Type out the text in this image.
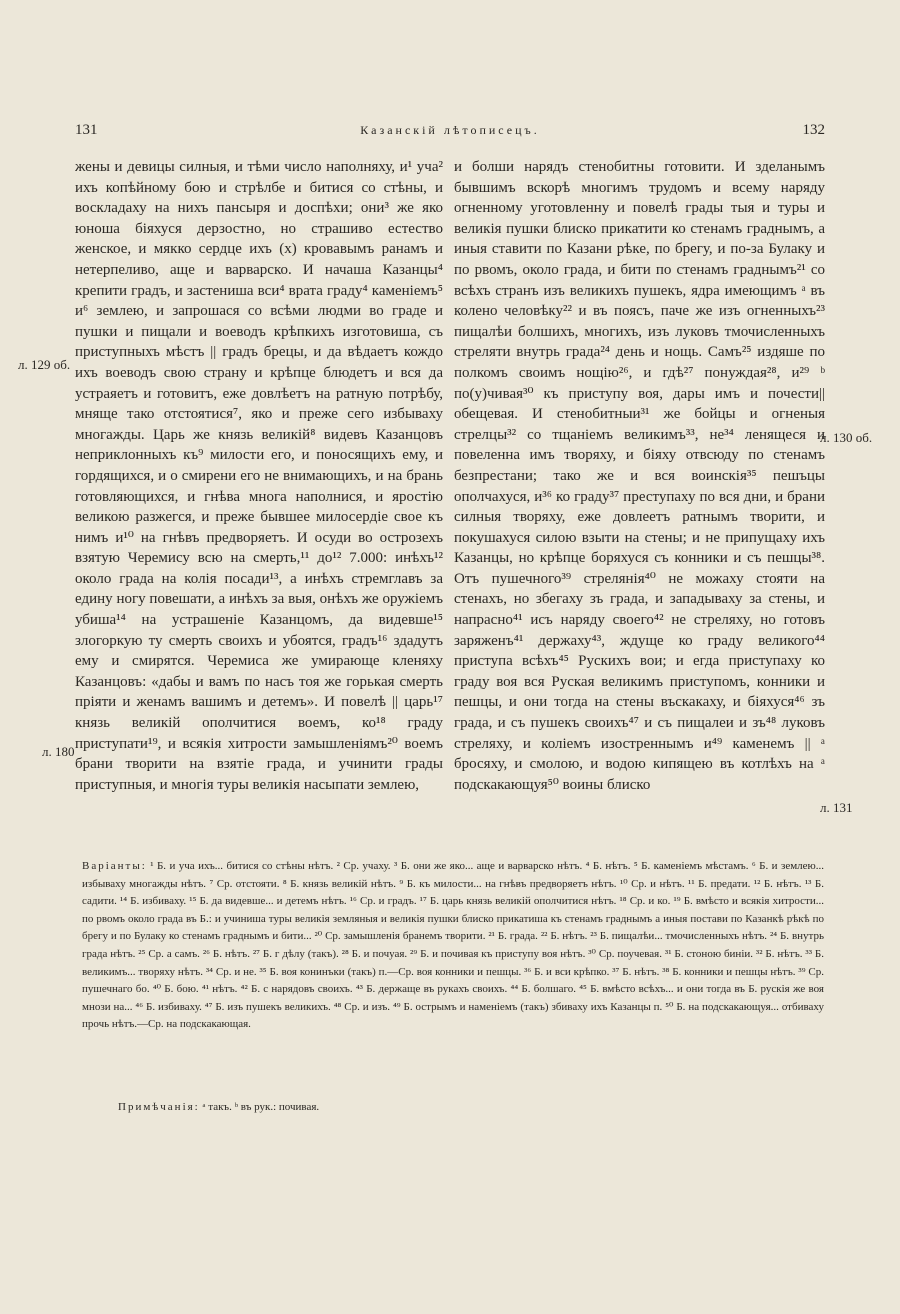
131	Казанскій лѣтописецъ.	132
л. 129 об.
л. 180
л. 130 об.
л. 131

жены и девицы силныя, и тѣми число наполняху, и¹ уча² ихъ копѣйному бою и стрѣлбе и битися со стѣны, и воскладаху на нихъ пансыря и доспѣхи; они³ же яко юноша біяхуся дерзостно, но страшиво естество женское, и мякко сердце ихъ (х) кровавымъ ранамъ и нетерпеливо, аще и варварско. И начаша Казанцы⁴ крепити градъ, и застениша вси⁴ врата граду⁴ каменіемъ⁵ и⁶ землею, и запрошася со всѣми людми во граде и пушки и пищали и воеводъ крѣпкихъ изготовиша, съ приступныхъ мѣстъ || градъ брецы, и да вѣдаетъ кождо ихъ воеводъ свою страну и крѣпце блюдетъ и вся да устраяетъ и готовитъ, еже довлѣетъ на ратную потрѣбу, мняще тако отстоятися⁷, яко и преже сего избываху многажды. Царь же князь великій⁸ видевъ Казанцовъ неприклонныхъ къ⁹ милости его, и поносящихъ ему, и гордящихся, и о смирени его не внимающихъ, и на брань готовляющихся, и гнѣва многа наполнися, и яростію великою разжегся, и преже бывшее милосердіе свое къ нимъ и¹⁰ на гнѣвъ предворяетъ. И осуди во острозехъ взятую Черемису всю на смерть,¹¹ до¹² 7.000: инѣхъ¹² около града на колія посади¹³, а инѣхъ стремглавъ за едину ногу повешати, а инѣхъ за выя, онѣхъ же оружіемъ убиша¹⁴ на устрашеніе Казанцомъ, да видевше¹⁵ злогоркую ту смерть своихъ и убоятся, градъ¹⁶ здадутъ ему и смирятся. Черемиса же умирающе кленяху Казанцовъ: «дабы и вамъ по насъ тоя же горькая смерть пріяти и женамъ вашимъ и детемъ». И повелѣ || царь¹⁷ князь великій ополчитися воемъ, ко¹⁸ граду приступати¹⁹, и всякія хитрости замышленіямъ²⁰ воемъ брани творити на взятіе града, и учинити грады приступныя, и многія туры великія насыпати землею,

и болши нарядъ стенобитны готовити. И зделанымъ бывшимъ вскорѣ многимъ трудомъ и всему наряду огненному уготовленну и повелѣ грады тыя и туры и великія пушки блиско прикатити ко стенамъ граднымъ, а иныя ставити по Казани рѣке, по брегу, и по-за Булаку и по рвомъ, около града, и бити по стенамъ граднымъ²¹ со всѣхъ странъ изъ великихъ пушекъ, ядра имеющимъ ᵃ въ колено человѣку²² и въ поясъ, паче же изъ огненныхъ²³ пищалѣи болшихъ, многихъ, изъ луковъ тмочисленныхъ стреляти внутрь града²⁴ день и нощь. Самъ²⁵ издяше по полкомъ своимъ нощію²⁶, и гдѣ²⁷ понуждая²⁸, и²⁹ ᵇ по(у)чивая³⁰ къ приступу воя, дары имъ и почести|| обещевая. И стенобитныи³¹ же бойцы и огненыя стрелцы³² со тщаніемъ великимъ³³, не³⁴ ленящеся и повеленна имъ творяху, и біяху отвсюду по стенамъ безпрестани; тако же и вся воинскія³⁵ пешъцы ополчахуся, и³⁶ ко граду³⁷ преступаху по вся дни, и брани силныя творяху, еже довлеетъ ратнымъ творити, и покушахуся силою взыти на стены; и не припущаху ихъ Казанцы, но крѣпце боряхуся съ конники и съ пешцы³⁸. Отъ пушечного³⁹ стрелянія⁴⁰ не можаху стояти на стенахъ, но збегаху зъ града, и западываху за стены, и напрасно⁴¹ исъ наряду своего⁴² не стреляху, но готовъ заряженъ⁴¹ держаху⁴³, ждуще ко граду великого⁴⁴ приступа всѣхъ⁴⁵ Рускихъ вои; и егда приступаху ко граду воя вся Руская великимъ приступомъ, конники и пешцы, и они тогда на стены въскакаху, и біяхуся⁴⁶ зъ града, и съ пушекъ своихъ⁴⁷ и съ пищалеи и зъ⁴⁸ луковъ стреляху, и коліемъ изостреннымъ и⁴⁹ каменемъ || ᵃ бросяху, и смолою, и водою кипящею въ котлѣхъ на ᵃ подскакающуя⁵⁰ воины блиско

Варіанты: ¹ Б. и уча ихъ... битися со стѣны нѣтъ. ² Ср. учаху. ³ Б. они же яко... аще и варварско нѣтъ. ⁴ Б. нѣтъ. ⁵ Б. каменіемъ мѣстамъ. ⁶ Б. и землею... избываху многажды нѣтъ. ⁷ Ср. отстояти. ⁸ Б. князь великій нѣтъ. ⁹ Б. къ милости... на гнѣвъ предворяетъ нѣтъ. ¹⁰ Ср. и нѣтъ. ¹¹ Б. предати. ¹² Б. нѣтъ. ¹³ Б. садити. ¹⁴ Б. избиваху. ¹⁵ Б. да видевше... и детемъ нѣтъ. ¹⁶ Ср. и градъ. ¹⁷ Б. царь князь великій ополчитися нѣтъ. ¹⁸ Ср. и ко. ¹⁹ Б. вмѣсто и всякія хитрости... по рвомъ около града въ Б.: и учиниша туры великія земляныя и великія пушки блиско прикатиша къ стенамъ граднымъ а иныя постави по Казанкѣ рѣкѣ по брегу и по Булаку ко стенамъ граднымъ и бити... ²⁰ Ср. замышленія бранемъ творити. ²¹ Б. града. ²² Б. нѣтъ. ²³ Б. пищалѣи... тмочисленныхъ нѣтъ. ²⁴ Б. внутрь града нѣтъ. ²⁵ Ср. а самъ. ²⁶ Б. нѣтъ. ²⁷ Б. г дѣлу (такъ). ²⁸ Б. и почуая. ²⁹ Б. и почивая къ приступу воя нѣтъ. ³⁰ Ср. поучевая. ³¹ Б. стоною биніи. ³² Б. нѣтъ. ³³ Б. великимъ... творяху нѣтъ. ³⁴ Ср. и не. ³⁵ Б. воя конинъки (такъ) п.—Ср. воя конники и пешцы. ³⁶ Б. и вси крѣпко. ³⁷ Б. нѣтъ. ³⁸ Б. конники и пешцы нѣтъ. ³⁹ Ср. пушечнаго бо. ⁴⁰ Б. бою. ⁴¹ нѣтъ. ⁴² Б. с нарядовъ своихъ. ⁴³ Б. держаще въ рукахъ своихъ. ⁴⁴ Б. болшаго. ⁴⁵ Б. вмѣсто всѣхъ... и они тогда въ Б. рускія же воя мнози на... ⁴⁶ Б. избиваху. ⁴⁷ Б. изъ пушекъ великихъ. ⁴⁸ Ср. и изъ. ⁴⁹ Б. острымъ и наменіемъ (такъ) збиваху ихъ Казанцы п. ⁵⁰ Б. на подскакающуя... отбиваху прочь нѣтъ.—Ср. на подскакающая.

Примѣчанія: ᵃ такъ. ᵇ въ рук.: почивая.
